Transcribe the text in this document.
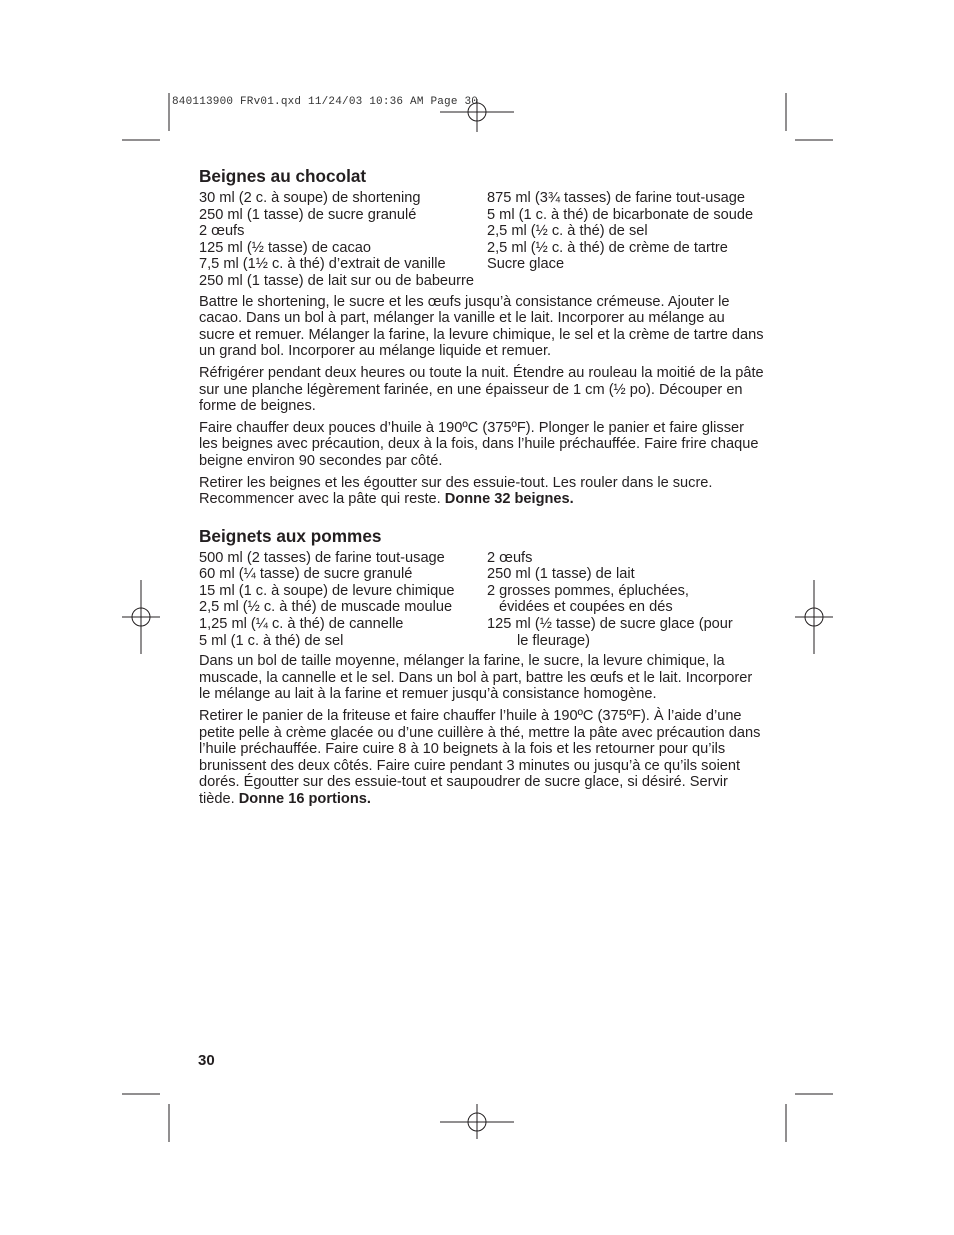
840113900 FRv01.qxd 11/24/03 10:36 AM Page 30
Beignes au chocolat
30 ml (2 c. à soupe) de shortening
250 ml (1 tasse) de sucre granulé
2 œufs
125 ml (½ tasse) de cacao
7,5 ml (1½ c. à thé) d’extrait de vanille
250 ml (1 tasse) de lait sur ou de babeurre
875 ml (3¾ tasses) de farine tout-usage
5 ml (1 c. à thé) de bicarbonate de soude
2,5 ml (½ c. à thé) de sel
2,5 ml (½ c. à thé) de crème de tartre
Sucre glace

Battre le shortening, le sucre et les œufs jusqu’à consistance crémeuse. Ajouter le cacao. Dans un bol à part, mélanger la vanille et le lait. Incorporer au mélange au sucre et remuer. Mélanger la farine, la levure chimique, le sel et la crème de tartre dans un grand bol. Incorporer au mélange liquide et remuer.

Réfrigérer pendant deux heures ou toute la nuit. Étendre au rouleau la moitié de la pâte sur une planche légèrement farinée, en une épaisseur de 1 cm (½ po). Découper en forme de beignes.

Faire chauffer deux pouces d’huile à 190ºC (375ºF). Plonger le panier et faire glisser les beignes avec précaution, deux à la fois, dans l’huile préchauffée. Faire frire chaque beigne environ 90 secondes par côté.

Retirer les beignes et les égoutter sur des essuie-tout. Les rouler dans le sucre. Recommencer avec la pâte qui reste. Donne 32 beignes.

Beignets aux pommes
500 ml (2 tasses) de farine tout-usage
60 ml (¼ tasse) de sucre granulé
15 ml (1 c. à soupe) de levure chimique
2,5 ml (½ c. à thé) de muscade moulue
1,25 ml (¼ c. à thé) de cannelle
5 ml (1 c. à thé) de sel
2 œufs
250 ml (1 tasse) de lait
2 grosses pommes, épluchées,
évidées et coupées en dés
125 ml (½ tasse) de sucre glace (pour
le fleurage)

Dans un bol de taille moyenne, mélanger la farine, le sucre, la levure chimique, la muscade, la cannelle et le sel. Dans un bol à part, battre les œufs et le lait. Incorporer le mélange au lait à la farine et remuer jusqu’à consistance homogène.

Retirer le panier de la friteuse et faire chauffer l’huile à 190ºC (375ºF). À l’aide d’une petite pelle à crème glacée ou d’une cuillère à thé, mettre la pâte avec précaution dans l’huile préchauffée. Faire cuire 8 à 10 beignets à la fois et les retourner pour qu’ils brunissent des deux côtés. Faire cuire pendant 3 minutes ou jusqu’à ce qu’ils soient dorés. Égoutter sur des essuie-tout et saupoudrer de sucre glace, si désiré. Servir tiède. Donne 16 portions.

30
